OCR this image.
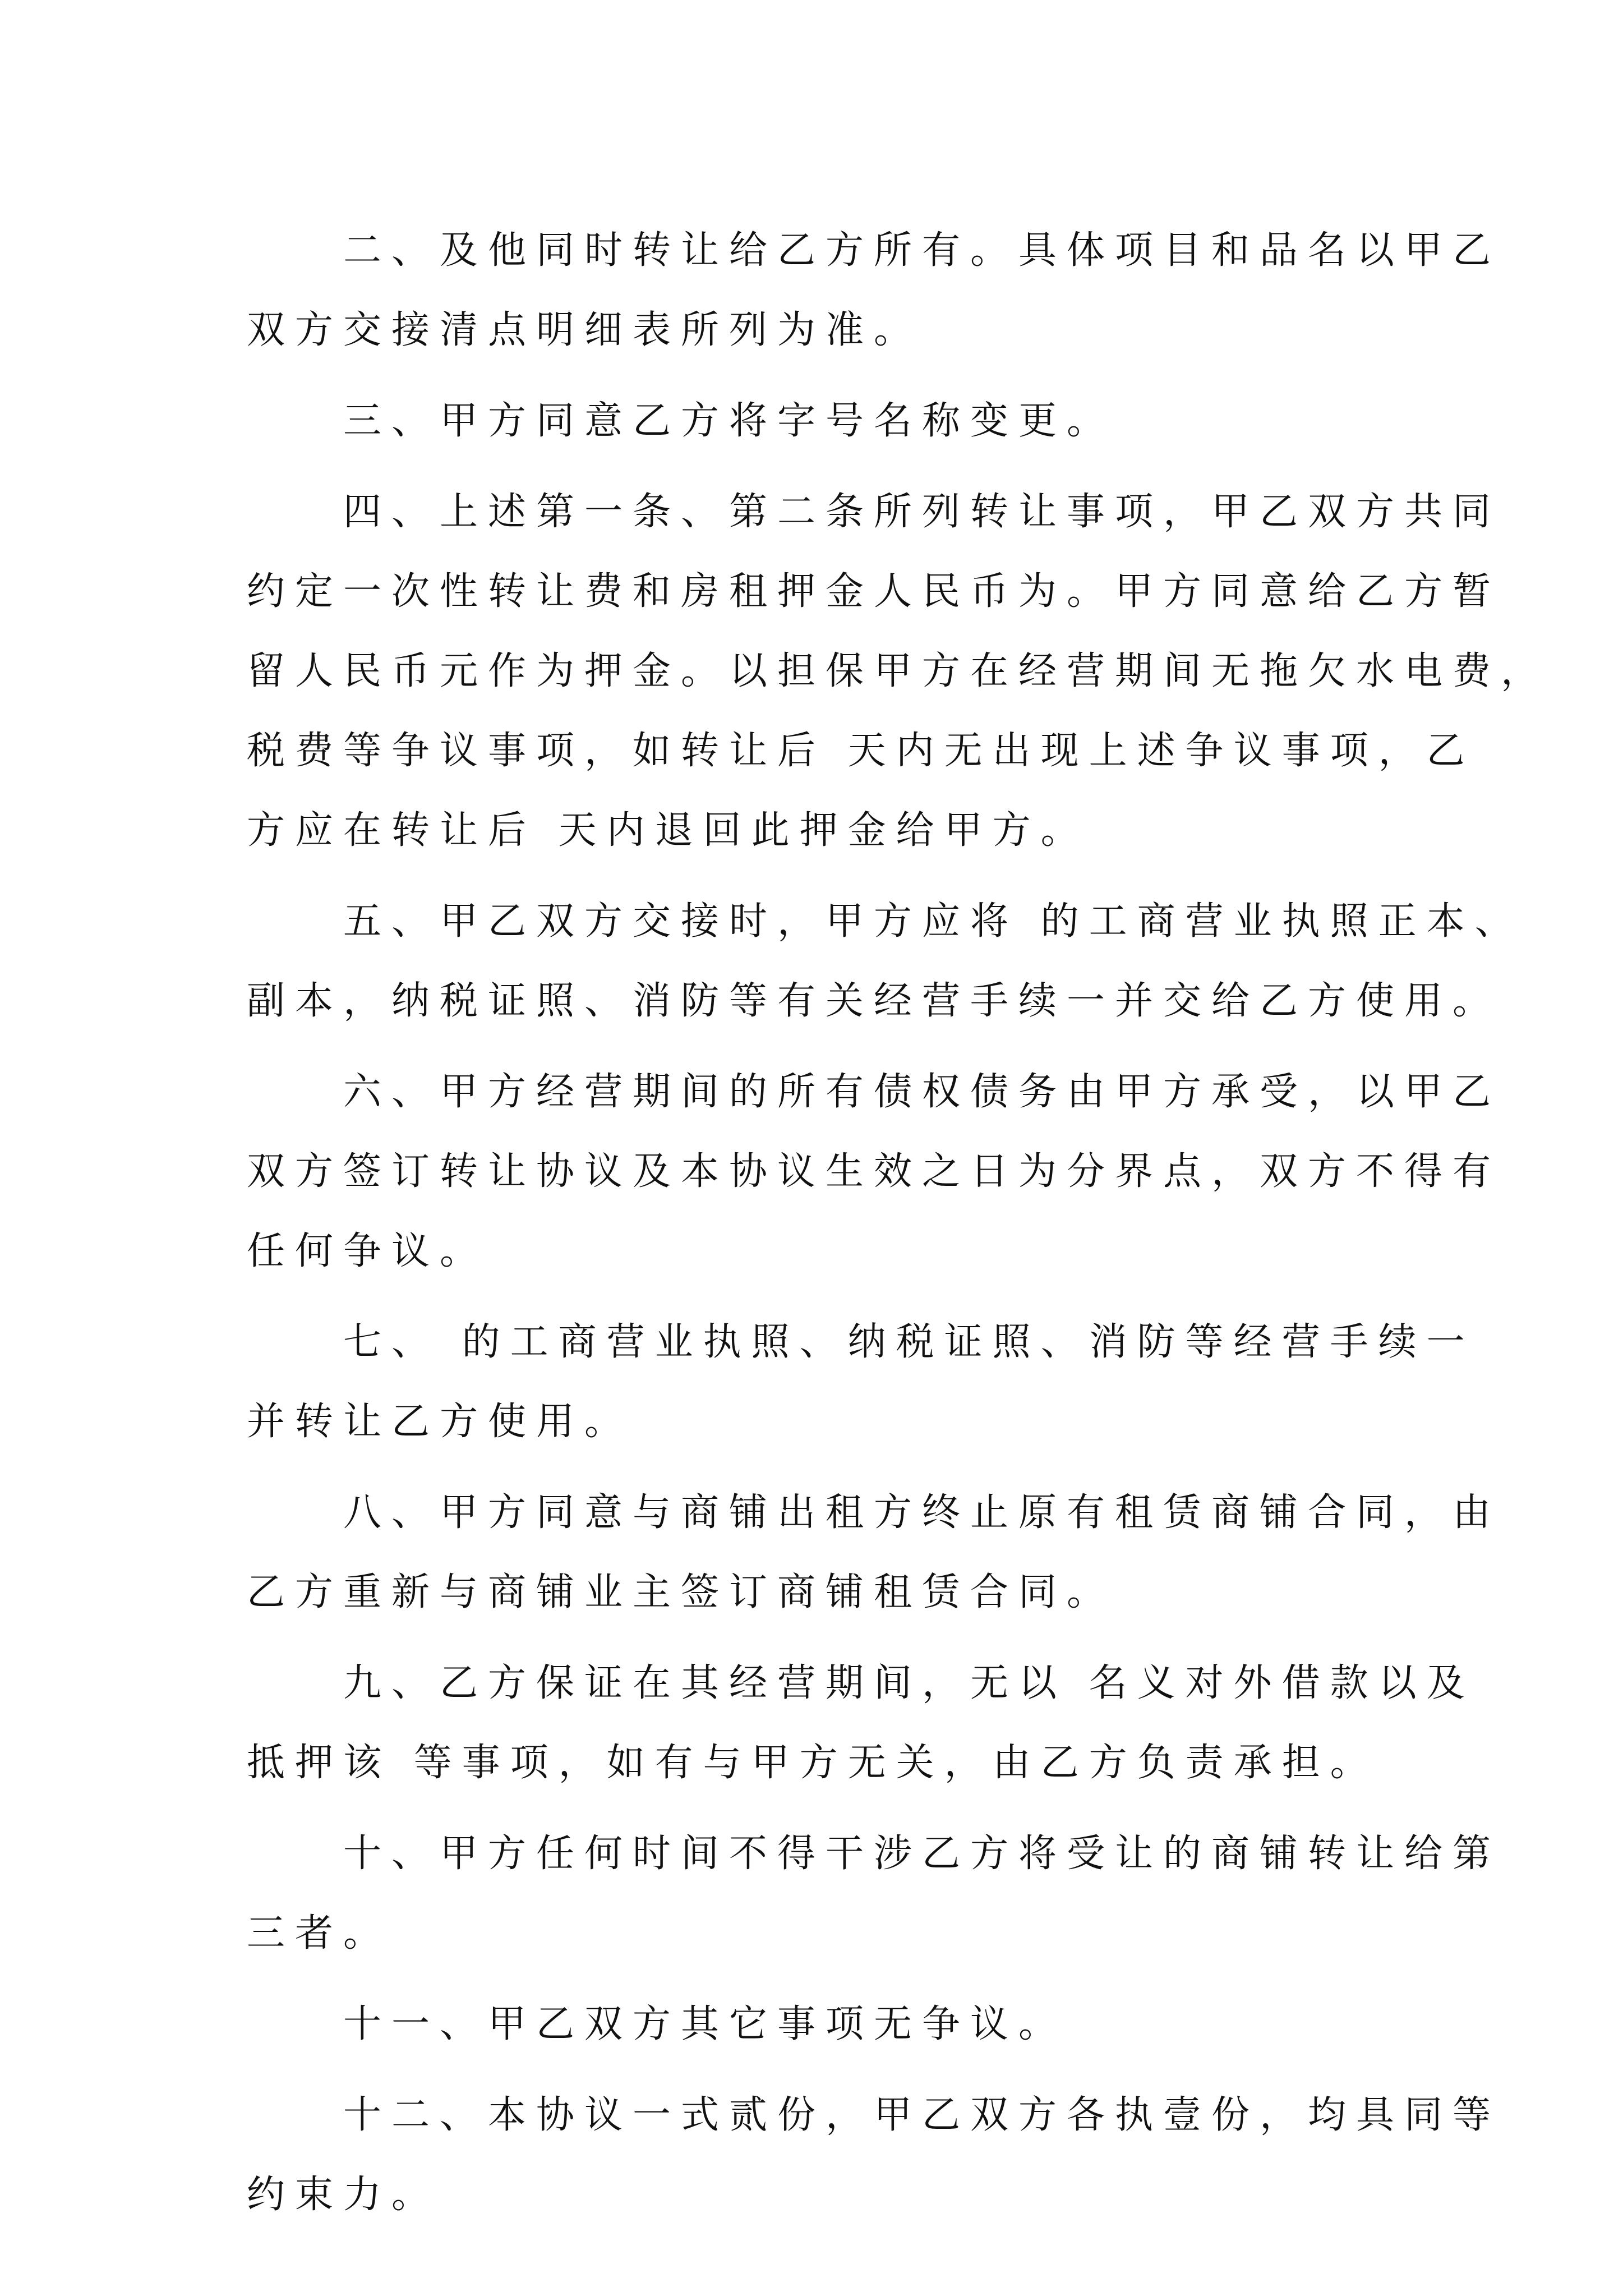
　　二、及他同时转让给乙方所有。具体项目和品名以甲乙
双方交接清点明细表所列为准。
　　三、甲方同意乙方将字号名称变更。
　　四、上述第一条、第二条所列转让事项，甲乙双方共同
约定一次性转让费和房租押金人民币为。甲方同意给乙方暂
留人民币元作为押金。以担保甲方在经营期间无拖欠水电费，
税费等争议事项，如转让后 天内无出现上述争议事项，乙
方应在转让后 天内退回此押金给甲方。
　　五、甲乙双方交接时，甲方应将 的工商营业执照正本、
副本，纳税证照、消防等有关经营手续一并交给乙方使用。
　　六、甲方经营期间的所有债权债务由甲方承受，以甲乙
双方签订转让协议及本协议生效之日为分界点，双方不得有
任何争议。
　　七、 的工商营业执照、纳税证照、消防等经营手续一
并转让乙方使用。
　　八、甲方同意与商铺出租方终止原有租赁商铺合同，由
乙方重新与商铺业主签订商铺租赁合同。
　　九、乙方保证在其经营期间，无以 名义对外借款以及
抵押该 等事项，如有与甲方无关，由乙方负责承担。
　　十、甲方任何时间不得干涉乙方将受让的商铺转让给第
三者。
　　十一、甲乙双方其它事项无争议。
　　十二、本协议一式贰份，甲乙双方各执壹份，均具同等
约束力。
